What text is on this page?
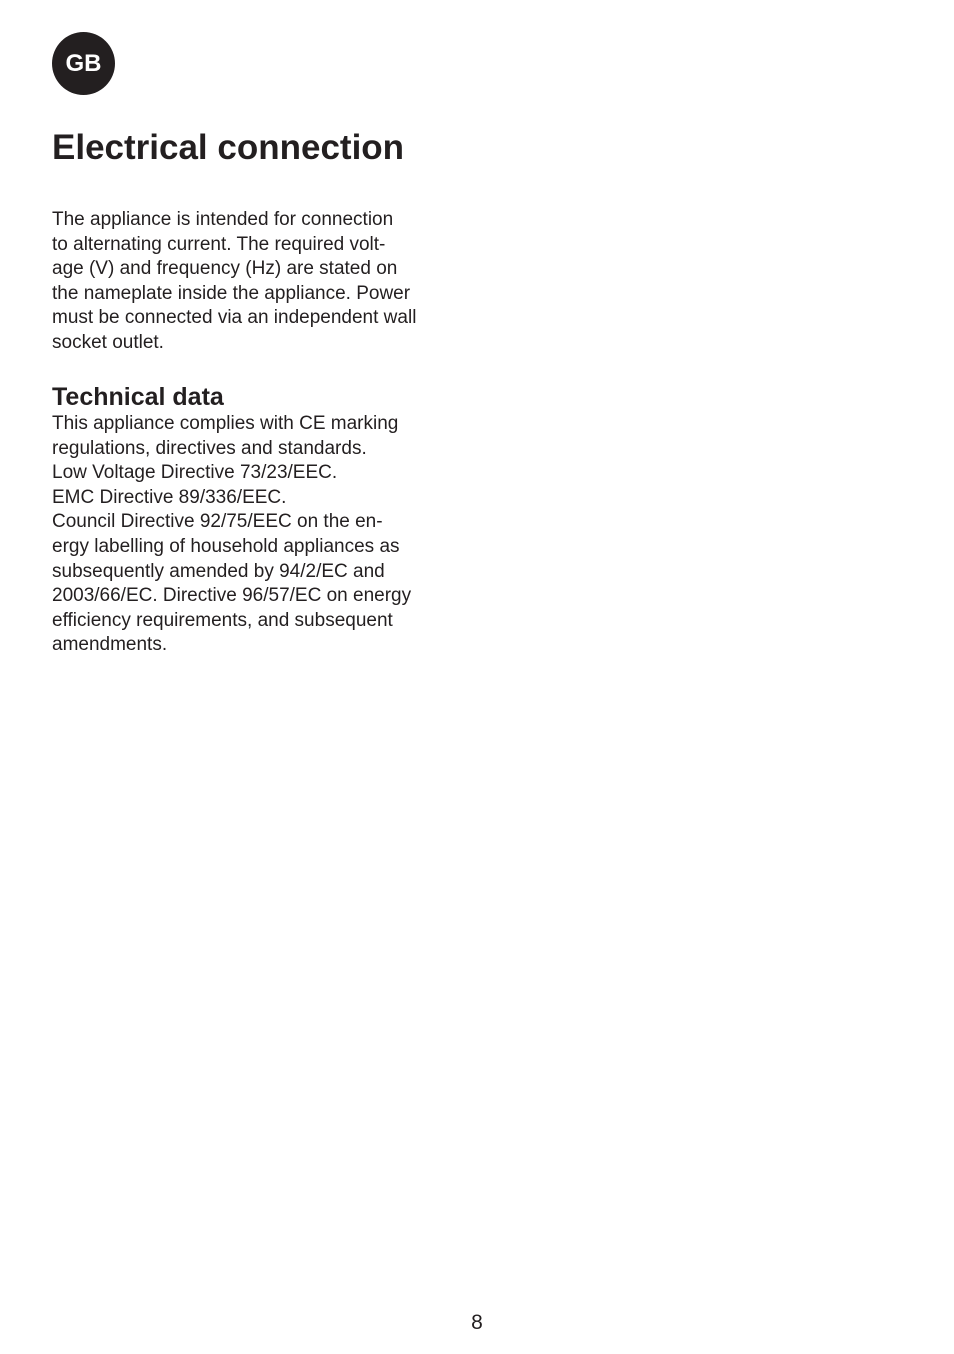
GB
Electrical connection

The appliance is intended for connection
to alternating current. The required volt-
age (V) and frequency (Hz) are stated on
the nameplate inside the appliance. Power
must be connected via an independent wall
socket outlet.

Technical data

This appliance complies with CE marking
regulations, directives and standards.
Low Voltage Directive 73/23/EEC.
EMC Directive 89/336/EEC.
Council Directive 92/75/EEC on the en-
ergy labelling of household appliances as
subsequently amended by 94/2/EC and
2003/66/EC. Directive 96/57/EC on energy
efficiency requirements, and subsequent
amendments.

8
